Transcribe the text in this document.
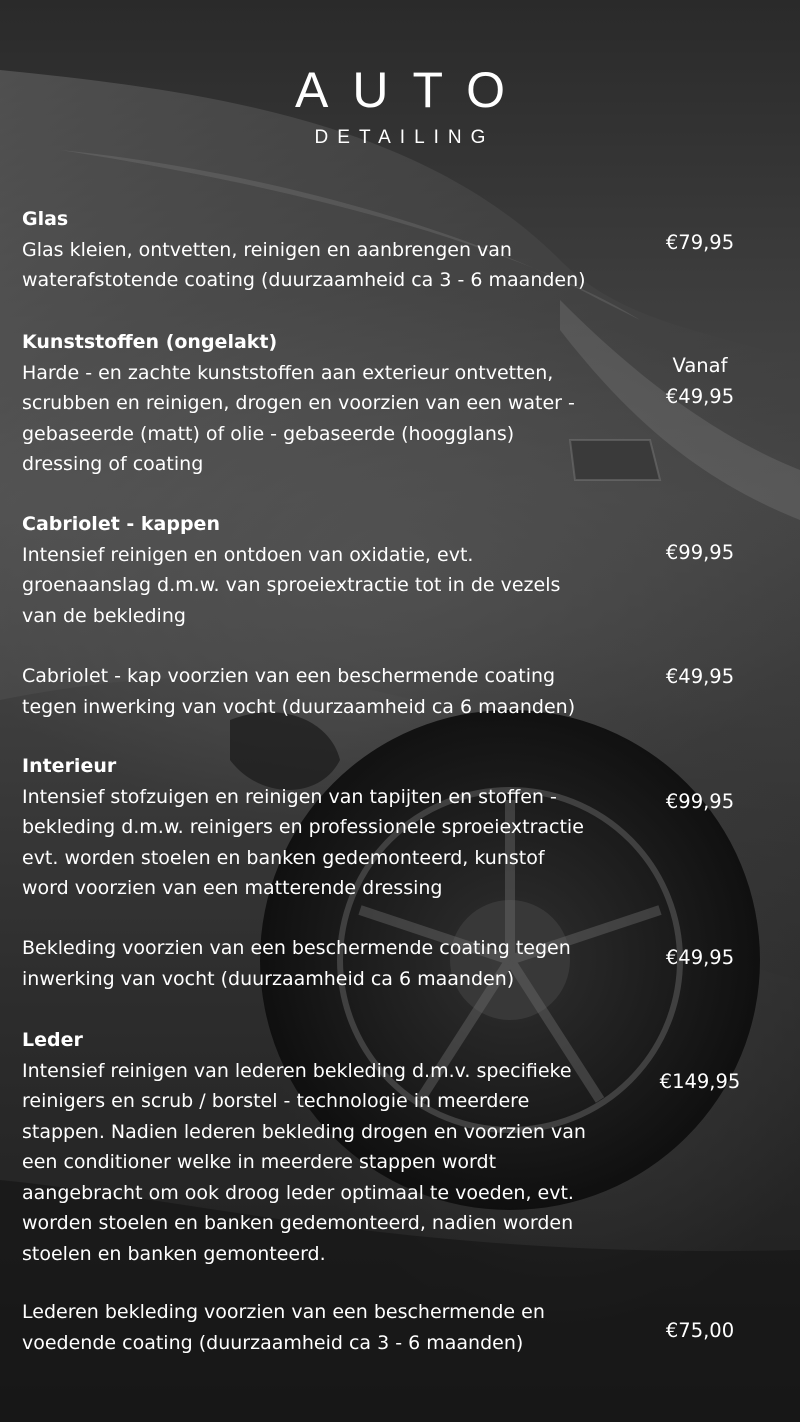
AUTO
DETAILING
Glas
Glas kleien, ontvetten, reinigen en aanbrengen van
waterafstotende coating (duurzaamheid ca 3 - 6 maanden)
€79,95
Kunststoffen (ongelakt)
Harde - en zachte kunststoffen aan exterieur ontvetten,
scrubben en reinigen, drogen en voorzien van een water -
gebaseerde (matt) of olie - gebaseerde (hoogglans)
dressing of coating
Vanaf
€49,95
Cabriolet - kappen
Intensief reinigen en ontdoen van oxidatie, evt.
groenaanslag d.m.w. van sproeiextractie tot in de vezels
van de bekleding
€99,95
Cabriolet - kap voorzien van een beschermende coating
tegen inwerking van vocht (duurzaamheid ca 6 maanden)
€49,95
Interieur
Intensief stofzuigen en reinigen van tapijten en stoffen -
bekleding d.m.w. reinigers en professionele sproeiextractie
evt. worden stoelen en banken gedemonteerd, kunstof
word voorzien van een matterende dressing
€99,95
Bekleding voorzien van een beschermende coating tegen
inwerking van vocht (duurzaamheid ca 6 maanden)
€49,95
Leder
Intensief reinigen van lederen bekleding d.m.v. specifieke
reinigers en scrub / borstel - technologie in meerdere
stappen. Nadien lederen bekleding drogen en voorzien van
een conditioner welke in meerdere stappen wordt
aangebracht om ook droog leder optimaal te voeden, evt.
worden stoelen en banken gedemonteerd, nadien worden
stoelen en banken gemonteerd.
€149,95
Lederen bekleding voorzien van een beschermende en
voedende coating (duurzaamheid ca 3 - 6 maanden)
€75,00
